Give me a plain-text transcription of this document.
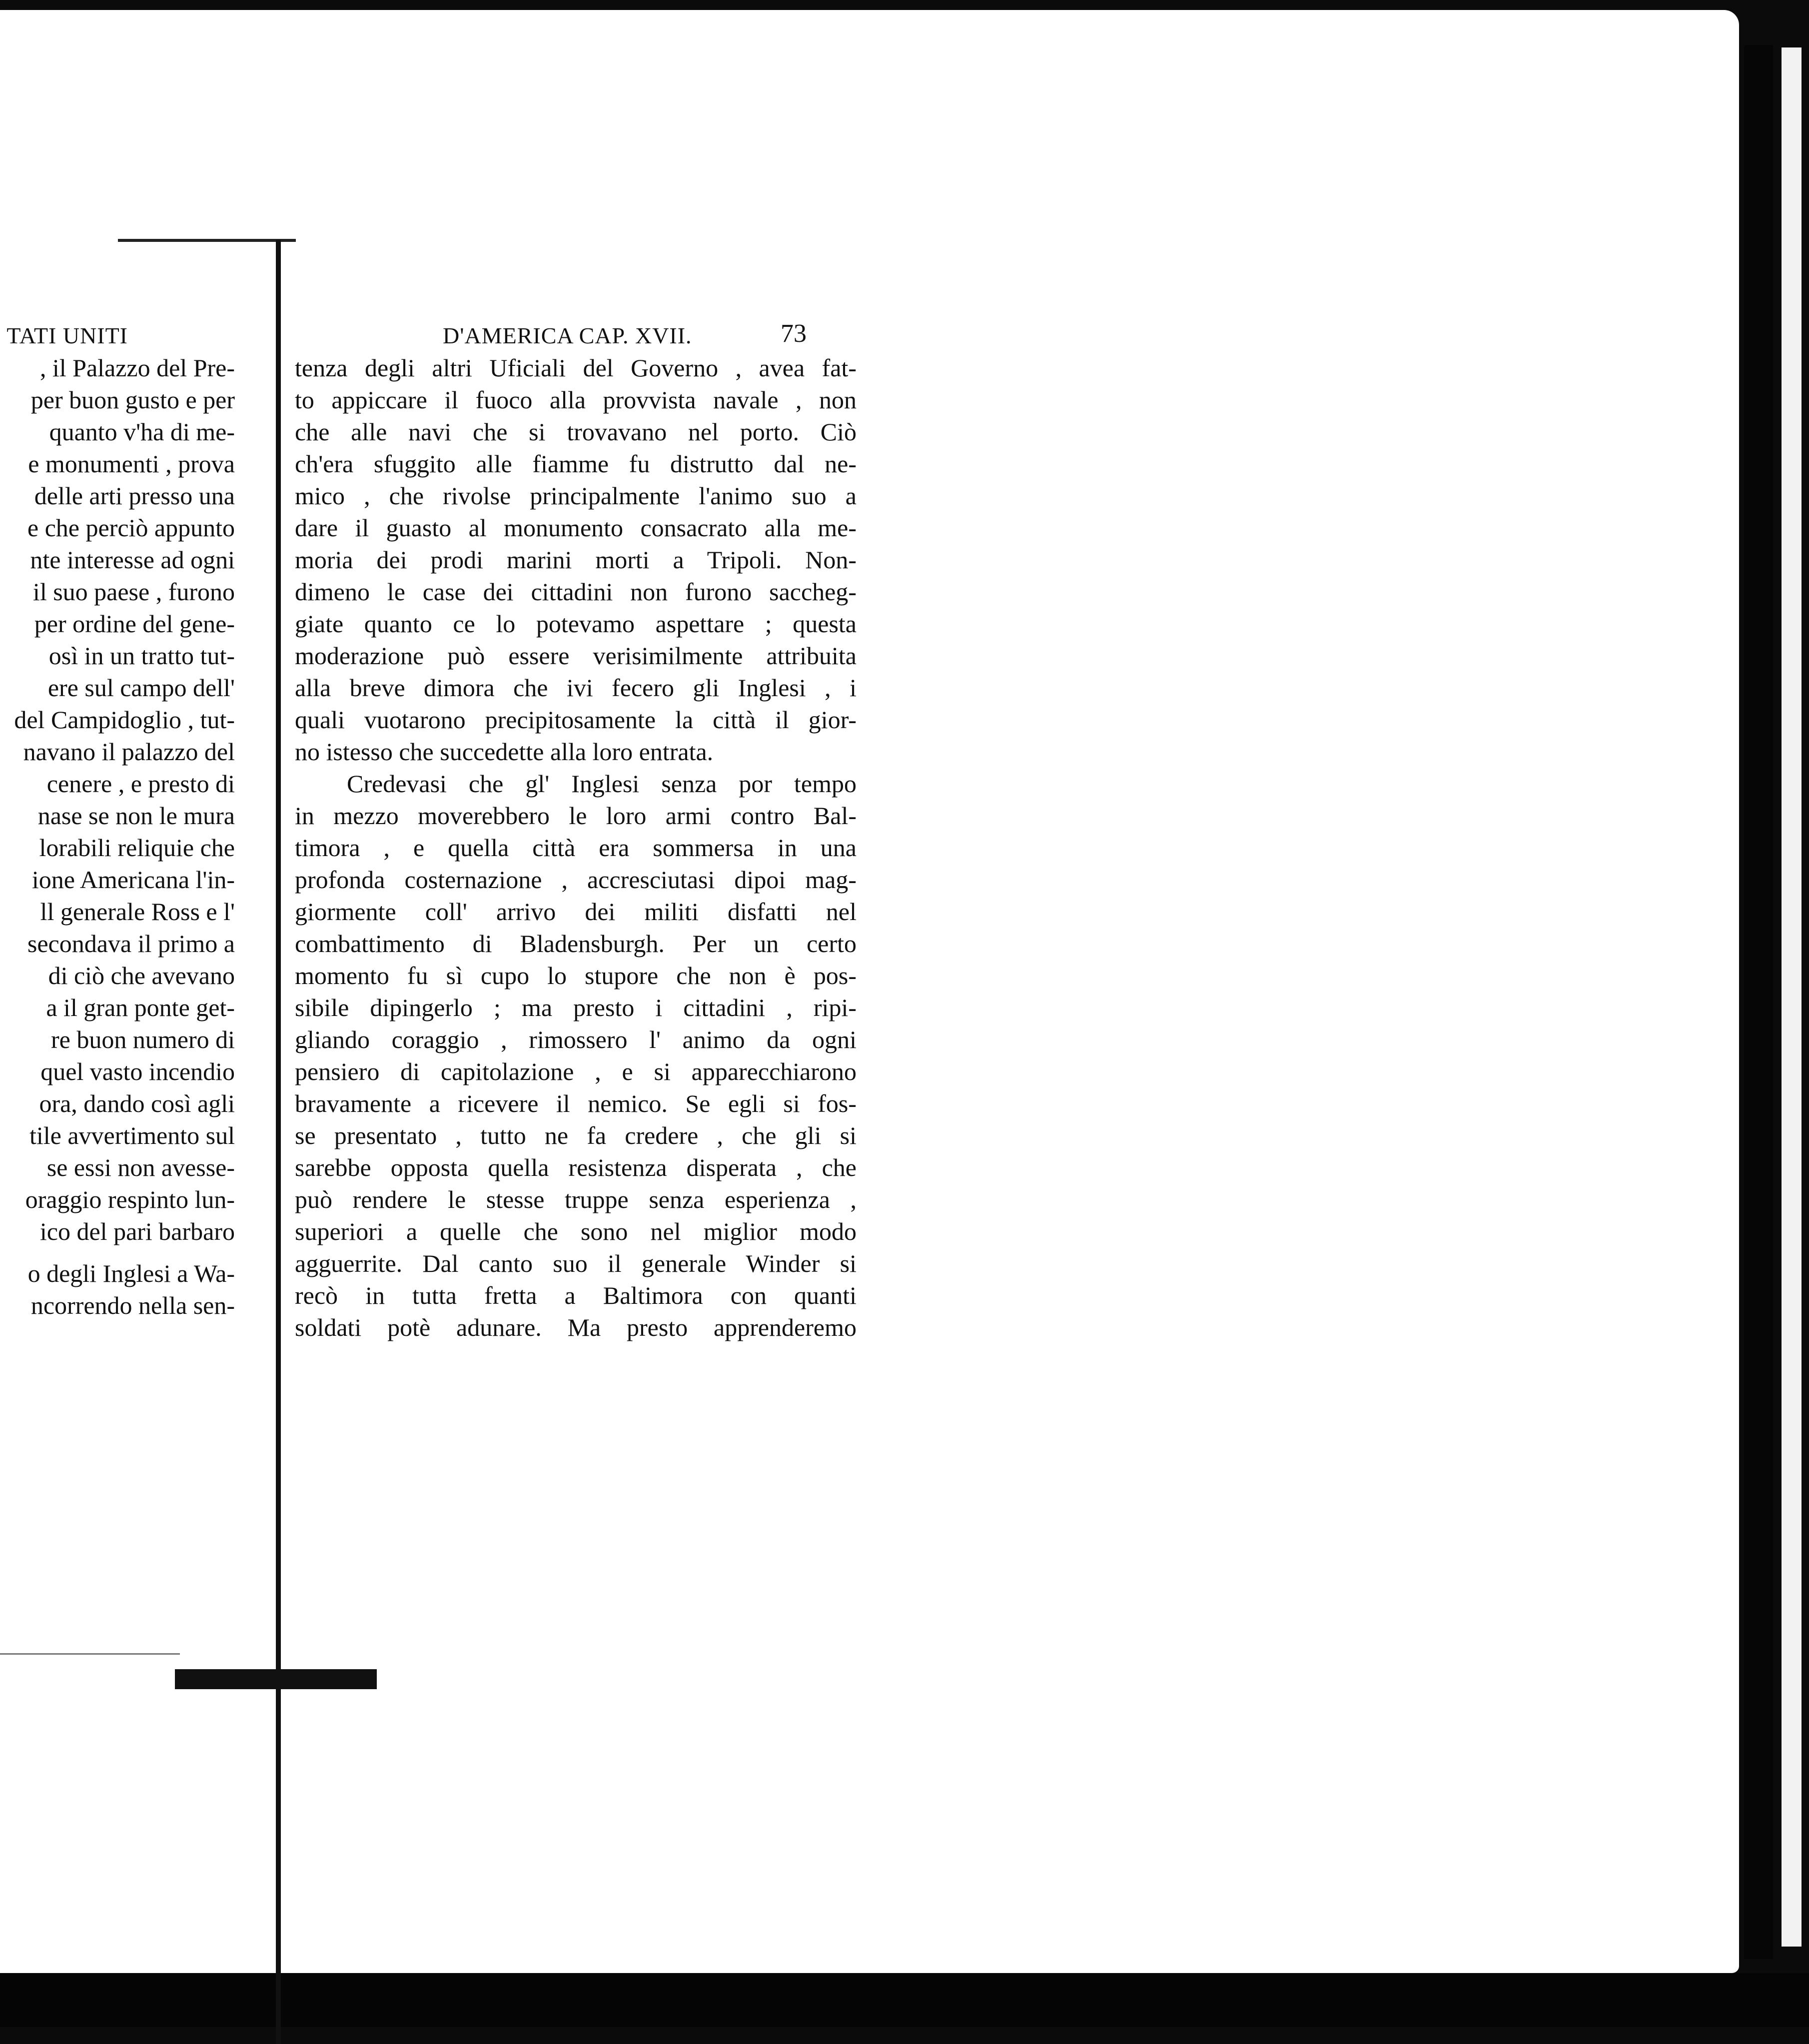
TATI UNITI	D'AMERICA CAP. XVII.	73
, il Palazzo del Pre-
per buon gusto e per
quanto v'ha di me-
e monumenti , prova
delle arti presso una
e che perciò appunto
nte interesse ad ogni
il suo paese , furono
per ordine del gene-
osì in un tratto tut-
ere sul campo dell'
del Campidoglio , tut-
navano il palazzo del
cenere , e presto di
nase se non le mura
lorabili reliquie che
ione Americana l'in-
ll generale Ross e l'
secondava il primo a
di ciò che avevano
a il gran ponte get-
re buon numero di
quel vasto incendio
ora, dando così agli
tile avvertimento sul
se essi non avesse-
oraggio respinto lun-
ico del pari barbaro
o degli Inglesi a Wa-
ncorrendo nella sen-
tenza degli altri Uficiali del Governo , avea fat-
to appiccare il fuoco alla provvista navale , non
che alle navi che si trovavano nel porto. Ciò
ch'era sfuggito alle fiamme fu distrutto dal ne-
mico , che rivolse principalmente l'animo suo a
dare il guasto al monumento consacrato alla me-
moria dei prodi marini morti a Tripoli. Non-
dimeno le case dei cittadini non furono saccheg-
giate quanto ce lo potevamo aspettare ; questa
moderazione può essere verisimilmente attribuita
alla breve dimora che ivi fecero gli Inglesi , i
quali vuotarono precipitosamente la città il gior-
no istesso che succedette alla loro entrata.
Credevasi che gl' Inglesi senza por tempo
in mezzo moverebbero le loro armi contro Bal-
timora , e quella città era sommersa in una
profonda costernazione , accresciutasi dipoi mag-
giormente coll' arrivo dei militi disfatti nel
combattimento di Bladensburgh. Per un certo
momento fu sì cupo lo stupore che non è pos-
sibile dipingerlo ; ma presto i cittadini , ripi-
gliando coraggio , rimossero l' animo da ogni
pensiero di capitolazione , e si apparecchiarono
bravamente a ricevere il nemico. Se egli si fos-
se presentato , tutto ne fa credere , che gli si
sarebbe opposta quella resistenza disperata , che
può rendere le stesse truppe senza esperienza ,
superiori a quelle che sono nel miglior modo
agguerrite. Dal canto suo il generale Winder si
recò in tutta fretta a Baltimora con quanti
soldati potè adunare. Ma presto apprenderemo
